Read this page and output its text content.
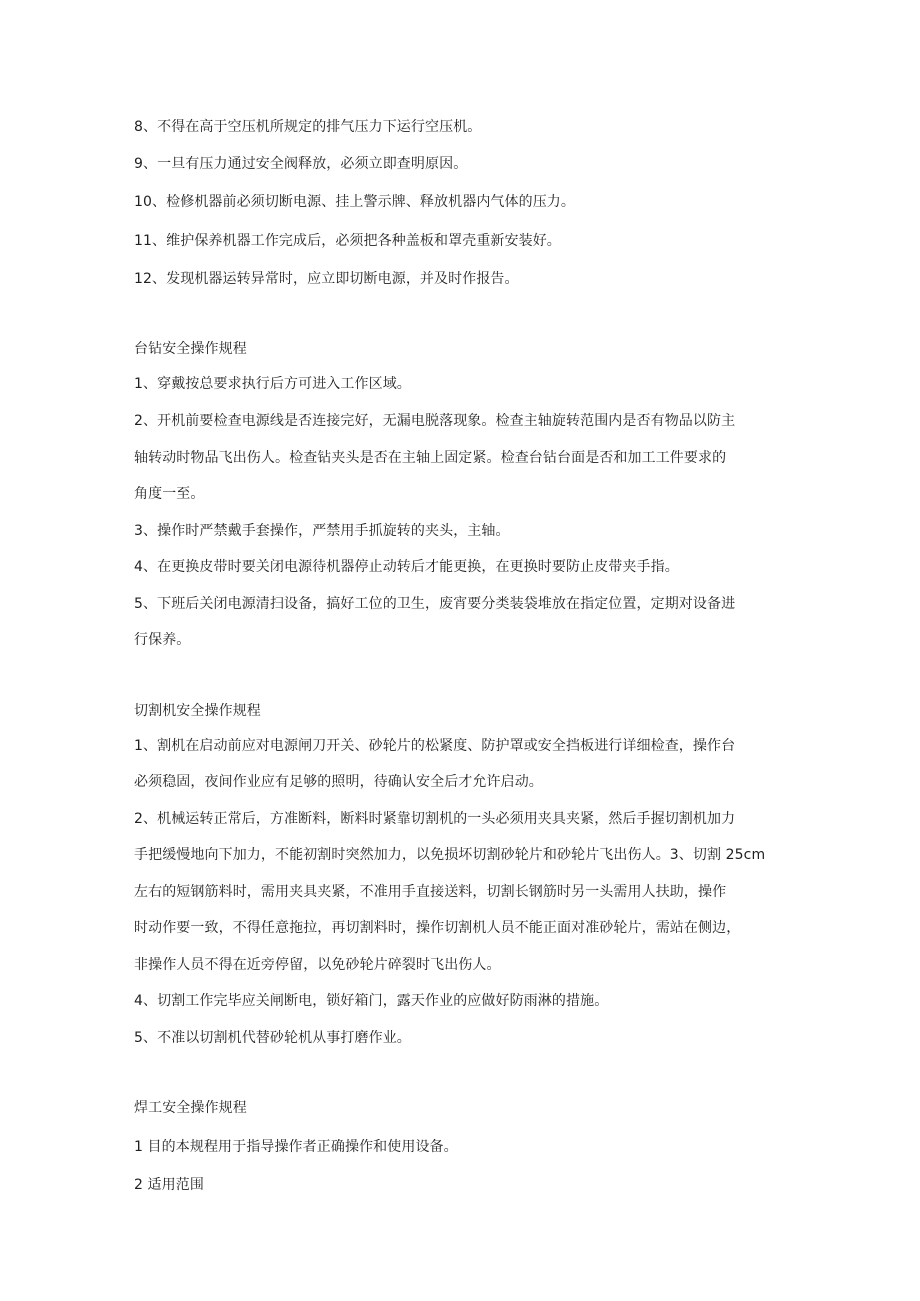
8、不得在高于空压机所规定的排气压力下运行空压机。
9、一旦有压力通过安全阀释放，必须立即查明原因。
10、检修机器前必须切断电源、挂上警示牌、释放机器内气体的压力。
11、维护保养机器工作完成后，必须把各种盖板和罩壳重新安装好。
12、发现机器运转异常时，应立即切断电源，并及时作报告。
台钻安全操作规程
1、穿戴按总要求执行后方可进入工作区域。
2、开机前要检查电源线是否连接完好，无漏电脱落现象。检查主轴旋转范围内是否有物品以防主
轴转动时物品飞出伤人。检查钻夹头是否在主轴上固定紧。检查台钻台面是否和加工工件要求的
角度一至。
3、操作时严禁戴手套操作，严禁用手抓旋转的夹头，主轴。
4、在更换皮带时要关闭电源待机器停止动转后才能更换，在更换时要防止皮带夹手指。
5、下班后关闭电源清扫设备，搞好工位的卫生，废宵要分类装袋堆放在指定位置，定期对设备进
行保养。
切割机安全操作规程
1、割机在启动前应对电源闸刀开关、砂轮片的松紧度、防护罩或安全挡板进行详细检查，操作台
必须稳固，夜间作业应有足够的照明，待确认安全后才允许启动。
2、机械运转正常后，方准断料，断料时紧靠切割机的一头必须用夹具夹紧，然后手握切割机加力
手把缓慢地向下加力，不能初割时突然加力，以免损坏切割砂轮片和砂轮片飞出伤人。3、切割 25cm
左右的短钢筋料时，需用夹具夹紧，不准用手直接送料，切割长钢筋时另一头需用人扶助，操作
时动作要一致，不得任意拖拉，再切割料时，操作切割机人员不能正面对准砂轮片，需站在侧边，
非操作人员不得在近旁停留，以免砂轮片碎裂时飞出伤人。
4、切割工作完毕应关闸断电，锁好箱门，露天作业的应做好防雨淋的措施。
5、不准以切割机代替砂轮机从事打磨作业。
焊工安全操作规程
1 目的本规程用于指导操作者正确操作和使用设备。
2 适用范围
